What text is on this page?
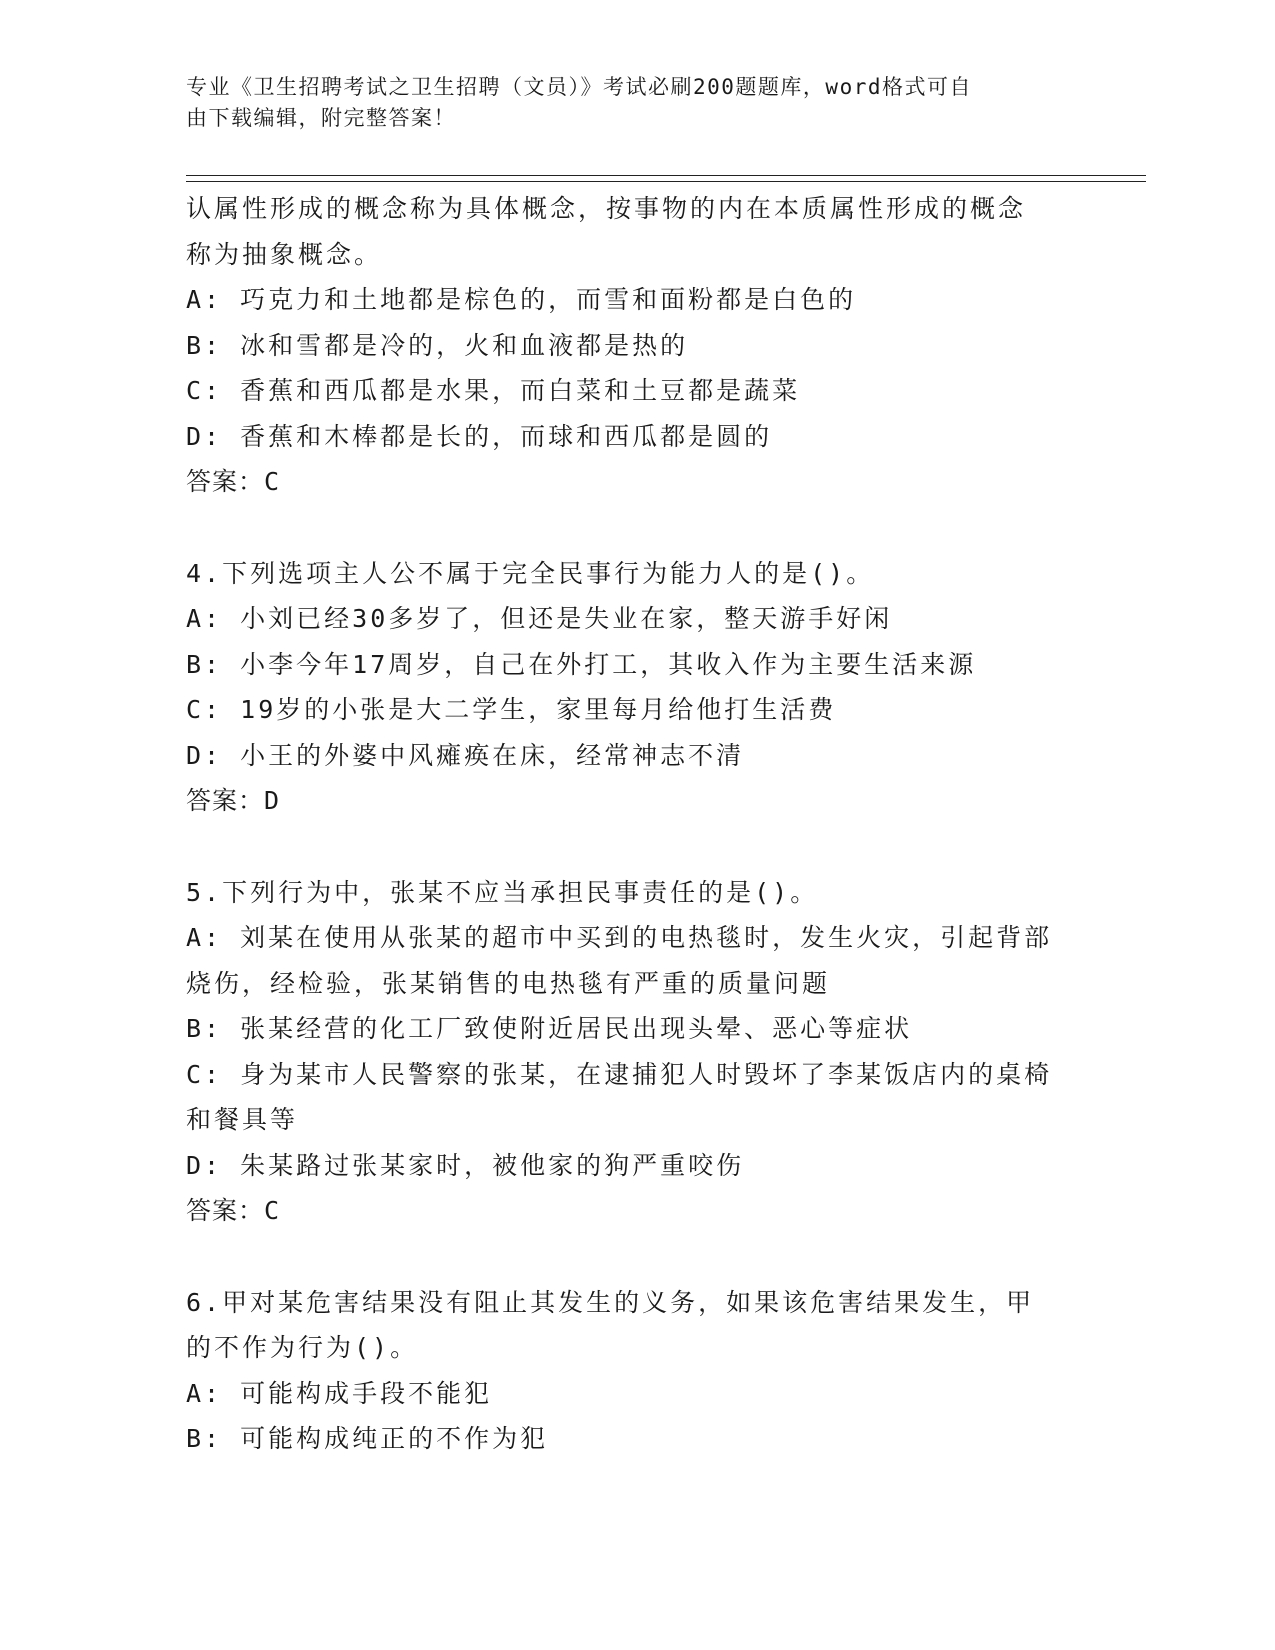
专业《卫生招聘考试之卫生招聘（文员）》考试必刷200题题库，word格式可自
由下载编辑，附完整答案！
认属性形成的概念称为具体概念，按事物的内在本质属性形成的概念
称为抽象概念。
A: 巧克力和土地都是棕色的，而雪和面粉都是白色的
B: 冰和雪都是冷的，火和血液都是热的
C: 香蕉和西瓜都是水果，而白菜和土豆都是蔬菜
D: 香蕉和木棒都是长的，而球和西瓜都是圆的
答案：C
4.下列选项主人公不属于完全民事行为能力人的是()。
A: 小刘已经30多岁了，但还是失业在家，整天游手好闲
B: 小李今年17周岁，自己在外打工，其收入作为主要生活来源
C: 19岁的小张是大二学生，家里每月给他打生活费
D: 小王的外婆中风瘫痪在床，经常神志不清
答案：D
5.下列行为中，张某不应当承担民事责任的是()。
A: 刘某在使用从张某的超市中买到的电热毯时，发生火灾，引起背部
烧伤，经检验，张某销售的电热毯有严重的质量问题
B: 张某经营的化工厂致使附近居民出现头晕、恶心等症状
C: 身为某市人民警察的张某，在逮捕犯人时毁坏了李某饭店内的桌椅
和餐具等
D: 朱某路过张某家时，被他家的狗严重咬伤
答案：C
6.甲对某危害结果没有阻止其发生的义务，如果该危害结果发生，甲
的不作为行为()。
A: 可能构成手段不能犯
B: 可能构成纯正的不作为犯
